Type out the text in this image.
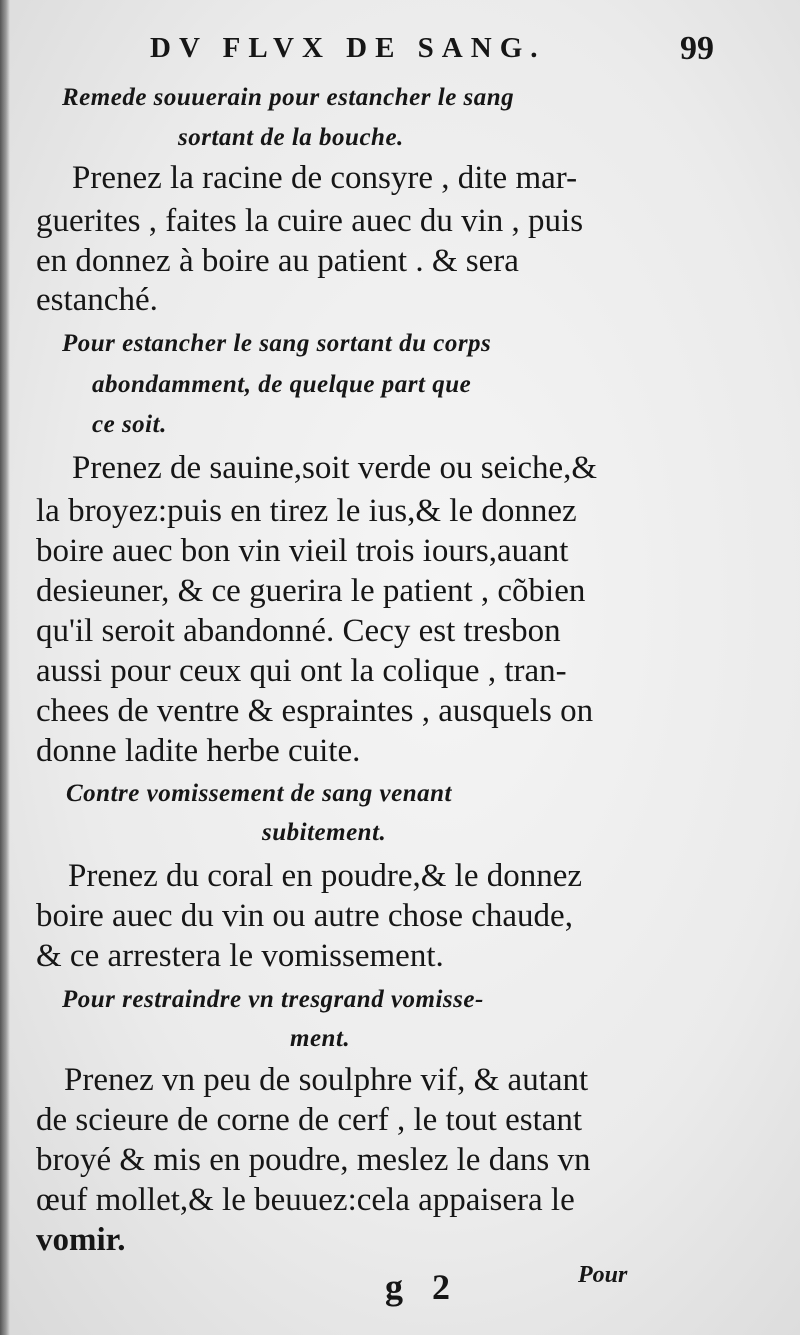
DV FLVX DE SANG.	99
Remede souuerain pour estancher le sang
sortant de la bouche.
Prenez la racine de consyre , dite mar-
guerites , faites la cuire auec du vin , puis
en donnez à boire au patient . & sera
estanché.
Pour estancher le sang sortant du corps
abondamment, de quelque part que
ce soit.
Prenez de sauine,soit verde ou seiche,&
la broyez:puis en tirez le ius,& le donnez
boire auec bon vin vieil trois iours,auant
desieuner, & ce guerira le patient , cõbien
qu'il seroit abandonné. Cecy est tresbon
aussi pour ceux qui ont la colique , tran-
chees de ventre & espraintes , ausquels on
donne ladite herbe cuite.
Contre vomissement de sang venant
subitement.
Prenez du coral en poudre,& le donnez
boire auec du vin ou autre chose chaude,
& ce arrestera le vomissement.
Pour restraindre vn tresgrand vomisse-
ment.
Prenez vn peu de soulphre vif, & autant
de scieure de corne de cerf , le tout estant
broyé & mis en poudre, meslez le dans vn
œuf mollet,& le beuuez:cela appaisera le
vomir.
g 2	Pour
